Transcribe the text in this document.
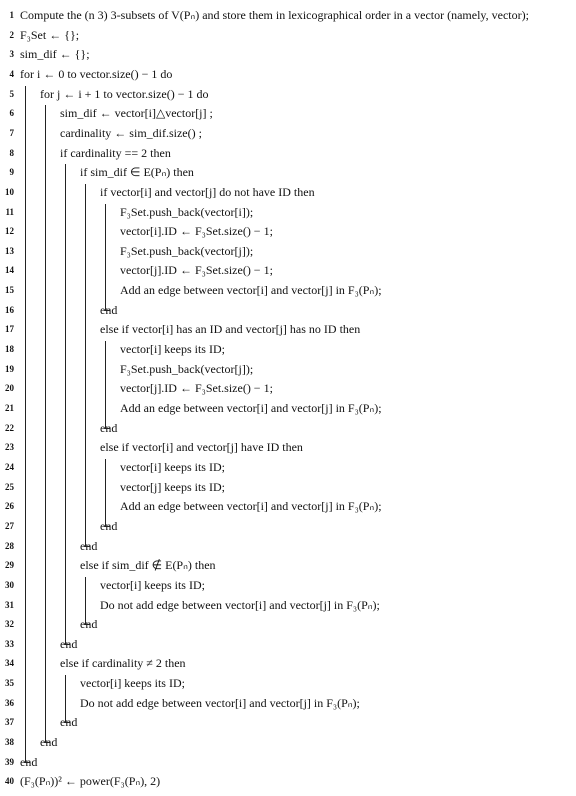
1 Compute the (n 3) 3-subsets of V(Pₙ) and store them in lexicographical order in a vector (namely, vector);
2 F₃Set ← {};
3 sim_dif ← {};
4 for i ← 0 to vector.size() − 1 do
5 for j ← i + 1 to vector.size() − 1 do
6	sim_dif ← vector[i]△vector[j] ;
7	cardinality ← sim_dif.size() ;
8	if cardinality == 2 then
9	if sim_dif ∈ E(Pₙ) then
10	if vector[i] and vector[j] do not have ID then
11	F₃Set.push_back(vector[i]);
12	vector[i].ID ← F₃Set.size() − 1;
13	F₃Set.push_back(vector[j]);
14	vector[j].ID ← F₃Set.size() − 1;
15	Add an edge between vector[i] and vector[j] in F₃(Pₙ);
16	end
17	else if vector[i] has an ID and vector[j] has no ID then
18	vector[i] keeps its ID;
19	F₃Set.push_back(vector[j]);
20	vector[j].ID ← F₃Set.size() − 1;
21	Add an edge between vector[i] and vector[j] in F₃(Pₙ);
22	end
23	else if vector[i] and vector[j] have ID then
24	vector[i] keeps its ID;
25	vector[j] keeps its ID;
26	Add an edge between vector[i] and vector[j] in F₃(Pₙ);
27	end
28	end
29	else if sim_dif ∉ E(Pₙ) then
30	vector[i] keeps its ID;
31	Do not add edge between vector[i] and vector[j] in F₃(Pₙ);
32	end
33	end
34	else if cardinality ≠ 2 then
35	vector[i] keeps its ID;
36	Do not add edge between vector[i] and vector[j] in F₃(Pₙ);
37	end
38 end
39 end
40 (F₃(Pₙ))² ← power(F₃(Pₙ), 2)
